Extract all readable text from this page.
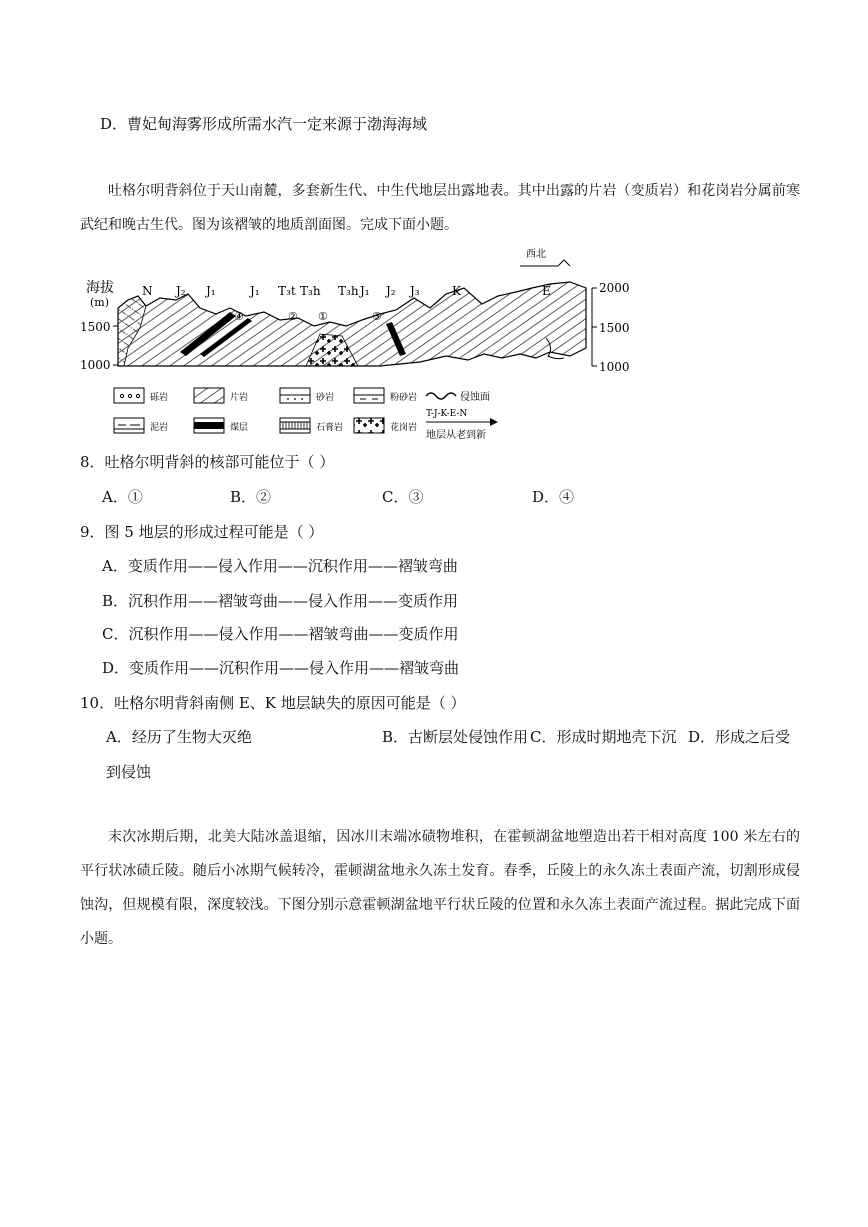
D．曹妃甸海雾形成所需水汽一定来源于渤海海域
吐格尔明背斜位于天山南麓，多套新生代、中生代地层出露地表。其中出露的片岩（变质岩）和花岗岩分属前寒武纪和晚古生代。图为该褶皱的地质剖面图。完成下面小题。
西北
海拔
(m)
1500
1000
2000
1500
1000
N J₂ J₁	J₁ T₃t T₃h T₃h J₁ J₂ J₃	K	E
④	② ①	③
砾岩	片岩	砂岩	粉砂岩	侵蚀面
泥岩	煤层	石膏岩	花岗岩
T-J-K-E-N
地层从老到新
8．吐格尔明背斜的核部可能位于（ ）
A．①	B．②	C．③	D．④
9．图 5 地层的形成过程可能是（ ）
A．变质作用——侵入作用——沉积作用——褶皱弯曲
B．沉积作用——褶皱弯曲——侵入作用——变质作用
C．沉积作用——侵入作用——褶皱弯曲——变质作用
D．变质作用——沉积作用——侵入作用——褶皱弯曲
10．吐格尔明背斜南侧 E、K 地层缺失的原因可能是（ ）
A．经历了生物大灭绝	B．古断层处侵蚀作用 C．形成时期地壳下沉 D．形成之后受
到侵蚀
末次冰期后期，北美大陆冰盖退缩，因冰川末端冰碛物堆积，在霍顿湖盆地塑造出若干相对高度 100 米左右的平行状冰碛丘陵。随后小冰期气候转冷，霍顿湖盆地永久冻土发育。春季，丘陵上的永久冻土表面产流，切割形成侵蚀沟，但规模有限，深度较浅。下图分别示意霍顿湖盆地平行状丘陵的位置和永久冻土表面产流过程。据此完成下面小题。
